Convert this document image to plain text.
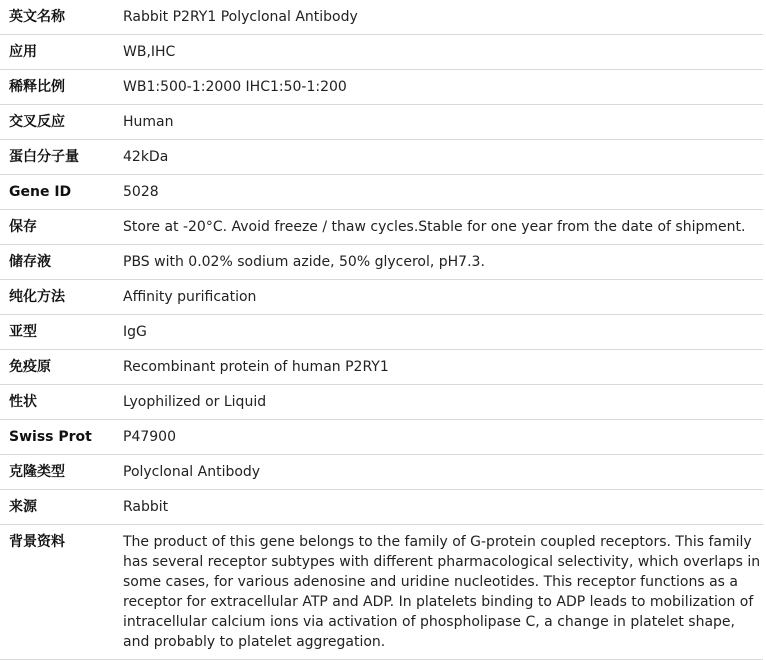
英文名称	Rabbit P2RY1 Polyclonal Antibody
应用	WB,IHC
稀释比例	WB1:500-1:2000 IHC1:50-1:200
交叉反应	Human
蛋白分子量	42kDa
Gene ID	5028
保存	Store at -20°C. Avoid freeze / thaw cycles.Stable for one year from the date of shipment.
储存液	PBS with 0.02% sodium azide, 50% glycerol, pH7.3.
纯化方法	Affinity purification
亚型	IgG
免疫原	Recombinant protein of human P2RY1
性状	Lyophilized or Liquid
Swiss Prot	P47900
克隆类型	Polyclonal Antibody
来源	Rabbit
背景资料	The product of this gene belongs to the family of G-protein coupled receptors. This family has several receptor subtypes with different pharmacological selectivity, which overlaps in some cases, for various adenosine and uridine nucleotides. This receptor functions as a receptor for extracellular ATP and ADP. In platelets binding to ADP leads to mobilization of intracellular calcium ions via activation of phospholipase C, a change in platelet shape, and probably to platelet aggregation.
